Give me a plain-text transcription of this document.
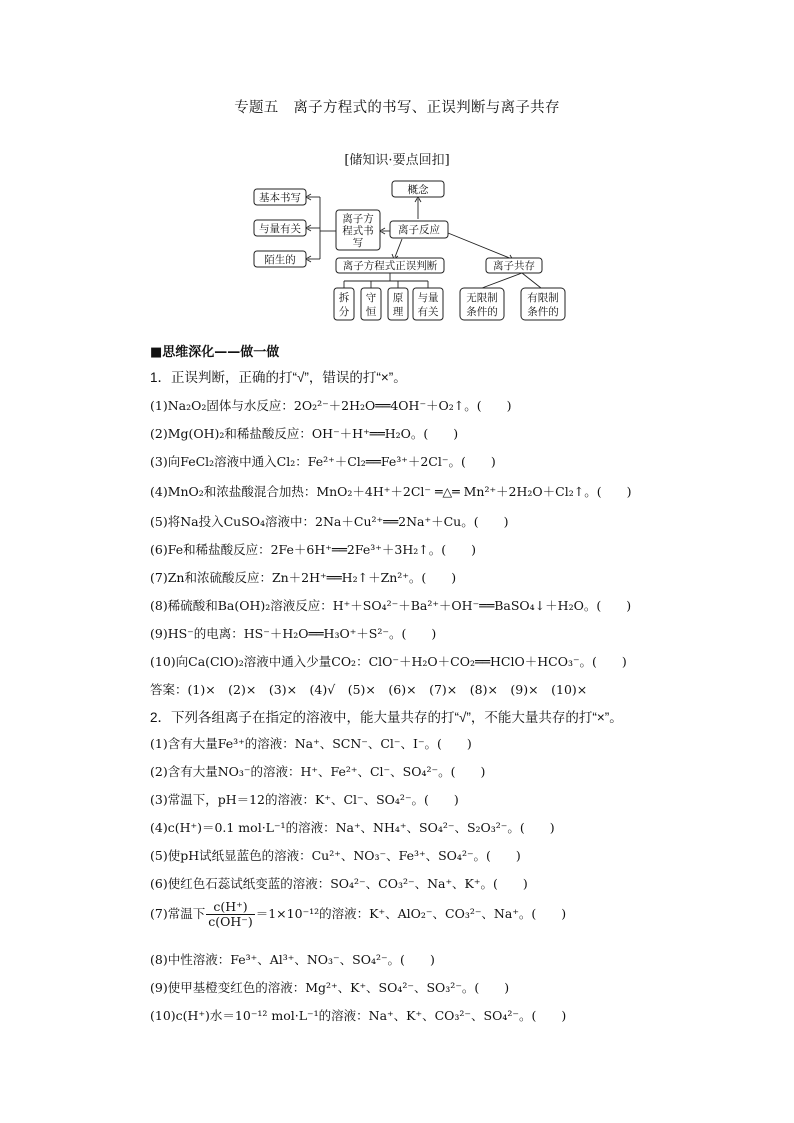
专题五　离子方程式的书写、正误判断与离子共存
[储知识·要点回扣]
概念
离子反应
离子方
程式书
写
基本书写
与量有关
陌生的	离子方程式正误判断
拆
分
守
恒
原
理
与量
有关
离子共存
无限制
条件的
有限制
条件的
■思维深化——做一做
1．正误判断，正确的打“√”，错误的打“×”。
(1)Na₂O₂固体与水反应：2O₂²⁻＋2H₂O══4OH⁻＋O₂↑。(　　)
(2)Mg(OH)₂和稀盐酸反应：OH⁻＋H⁺══H₂O。(　　)
(3)向FeCl₂溶液中通入Cl₂：Fe²⁺＋Cl₂══Fe³⁺＋2Cl⁻。(　　)
(4)MnO₂和浓盐酸混合加热：MnO₂＋4H⁺＋2Cl⁻ ═△═ Mn²⁺＋2H₂O＋Cl₂↑。(　　)
(5)将Na投入CuSO₄溶液中：2Na＋Cu²⁺══2Na⁺＋Cu。(　　)
(6)Fe和稀盐酸反应：2Fe＋6H⁺══2Fe³⁺＋3H₂↑。(　　)
(7)Zn和浓硫酸反应：Zn＋2H⁺══H₂↑＋Zn²⁺。(　　)
(8)稀硫酸和Ba(OH)₂溶液反应：H⁺＋SO₄²⁻＋Ba²⁺＋OH⁻══BaSO₄↓＋H₂O。(　　)
(9)HS⁻的电离：HS⁻＋H₂O══H₃O⁺＋S²⁻。(　　)
(10)向Ca(ClO)₂溶液中通入少量CO₂：ClO⁻＋H₂O＋CO₂══HClO＋HCO₃⁻。(　　)
答案：(1)×　(2)×　(3)×　(4)√　(5)×　(6)×　(7)×　(8)×　(9)×　(10)×
2．下列各组离子在指定的溶液中，能大量共存的打“√”，不能大量共存的打“×”。
(1)含有大量Fe³⁺的溶液：Na⁺、SCN⁻、Cl⁻、I⁻。(　　)
(2)含有大量NO₃⁻的溶液：H⁺、Fe²⁺、Cl⁻、SO₄²⁻。(　　)
(3)常温下，pH＝12的溶液：K⁺、Cl⁻、SO₄²⁻。(　　)
(4)c(H⁺)＝0.1 mol·L⁻¹的溶液：Na⁺、NH₄⁺、SO₄²⁻、S₂O₃²⁻。(　　)
(5)使pH试纸显蓝色的溶液：Cu²⁺、NO₃⁻、Fe³⁺、SO₄²⁻。(　　)
(6)使红色石蕊试纸变蓝的溶液：SO₄²⁻、CO₃²⁻、Na⁺、K⁺。(　　)
(7)常温下 $\frac{c(H^+)}{c(OH^-)} =1\times 10^{-12}$的溶液：K⁺、AlO₂⁻、CO₃²⁻、Na⁺。(　　)
(8)中性溶液：Fe³⁺、Al³⁺、NO₃⁻、SO₄²⁻。(　　)
(9)使甲基橙变红色的溶液：Mg²⁺、K⁺、SO₄²⁻、SO₃²⁻。(　　)
(10)c(H⁺)水＝10⁻¹² mol·L⁻¹的溶液：Na⁺、K⁺、CO₃²⁻、SO₄²⁻。(　　)
